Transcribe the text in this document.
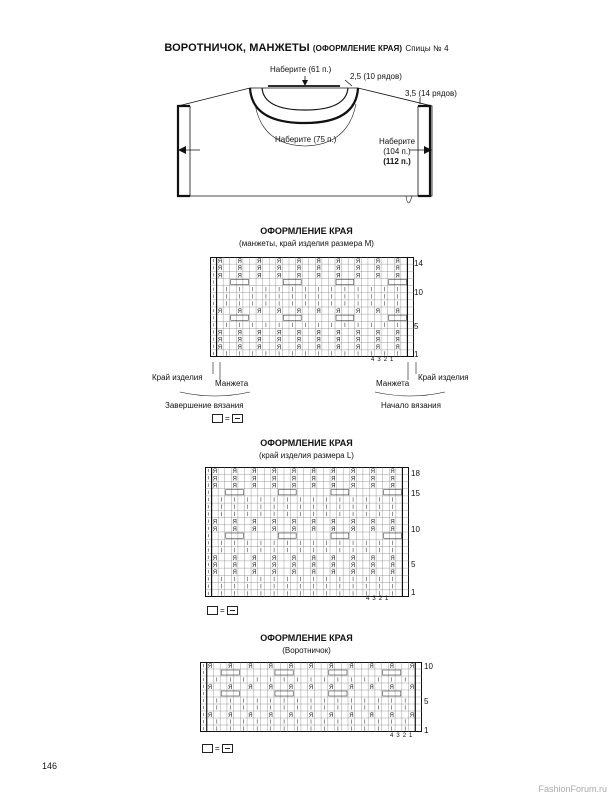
ВОРОТНИЧОК, МАНЖЕТЫ (ОФОРМЛЕНИЕ КРАЯ) Спицы № 4
Наберите (61 п.)
2,5 (10 рядов)
3,5 (14 рядов)
Наберите (75 п.)	Наберите
(104 п.)
(112 п.)
ОФОРМЛЕНИЕ КРАЯ
(манжеты, край изделия размера M)
Я	Я	Я	Я	Я	Я	Я	Я	Я	Я
Я	Я	Я	Я	Я	Я	Я	Я	Я	Я
Я	Я	Я	Я	Я	Я	Я	Я	Я	Я
Я	Я	Я	Я	Я	Я	Я	Я	Я	Я
Я	Я	Я	Я	Я	Я	Я	Я	Я	Я
Я	Я	Я	Я	Я	Я	Я	Я	Я	Я
Я	Я	Я	Я	Я	Я	Я	Я	Я	Я
14
10
5
1
4321
Край изделия
Манжета	Манжета
Край изделия
Завершение вязания	Начало вязания
=
ОФОРМЛЕНИЕ КРАЯ
(край изделия размера L)
Я	Я	Я	Я	Я	Я	Я	Я	Я	Я
Я	Я	Я	Я	Я	Я	Я	Я	Я	Я
Я	Я	Я	Я	Я	Я	Я	Я	Я	Я
Я	Я	Я	Я	Я	Я	Я	Я	Я	Я
Я	Я	Я	Я	Я	Я	Я	Я	Я	Я
Я	Я	Я	Я	Я	Я	Я	Я	Я	Я
Я	Я	Я	Я	Я	Я	Я	Я	Я	Я
Я	Я	Я	Я	Я	Я	Я	Я	Я	Я
18
15
10
5
1
4321
=
ОФОРМЛЕНИЕ КРАЯ
(Воротничок)
Я	Я	Я	Я	Я	Я	Я	Я	Я	Я	Я
Я	Я	Я	Я	Я	Я	Я	Я	Я	Я	Я
Я	Я	Я	Я	Я	Я	Я	Я	Я	Я	Я
10
5
1
4321
=
146
FashionForum.ru
